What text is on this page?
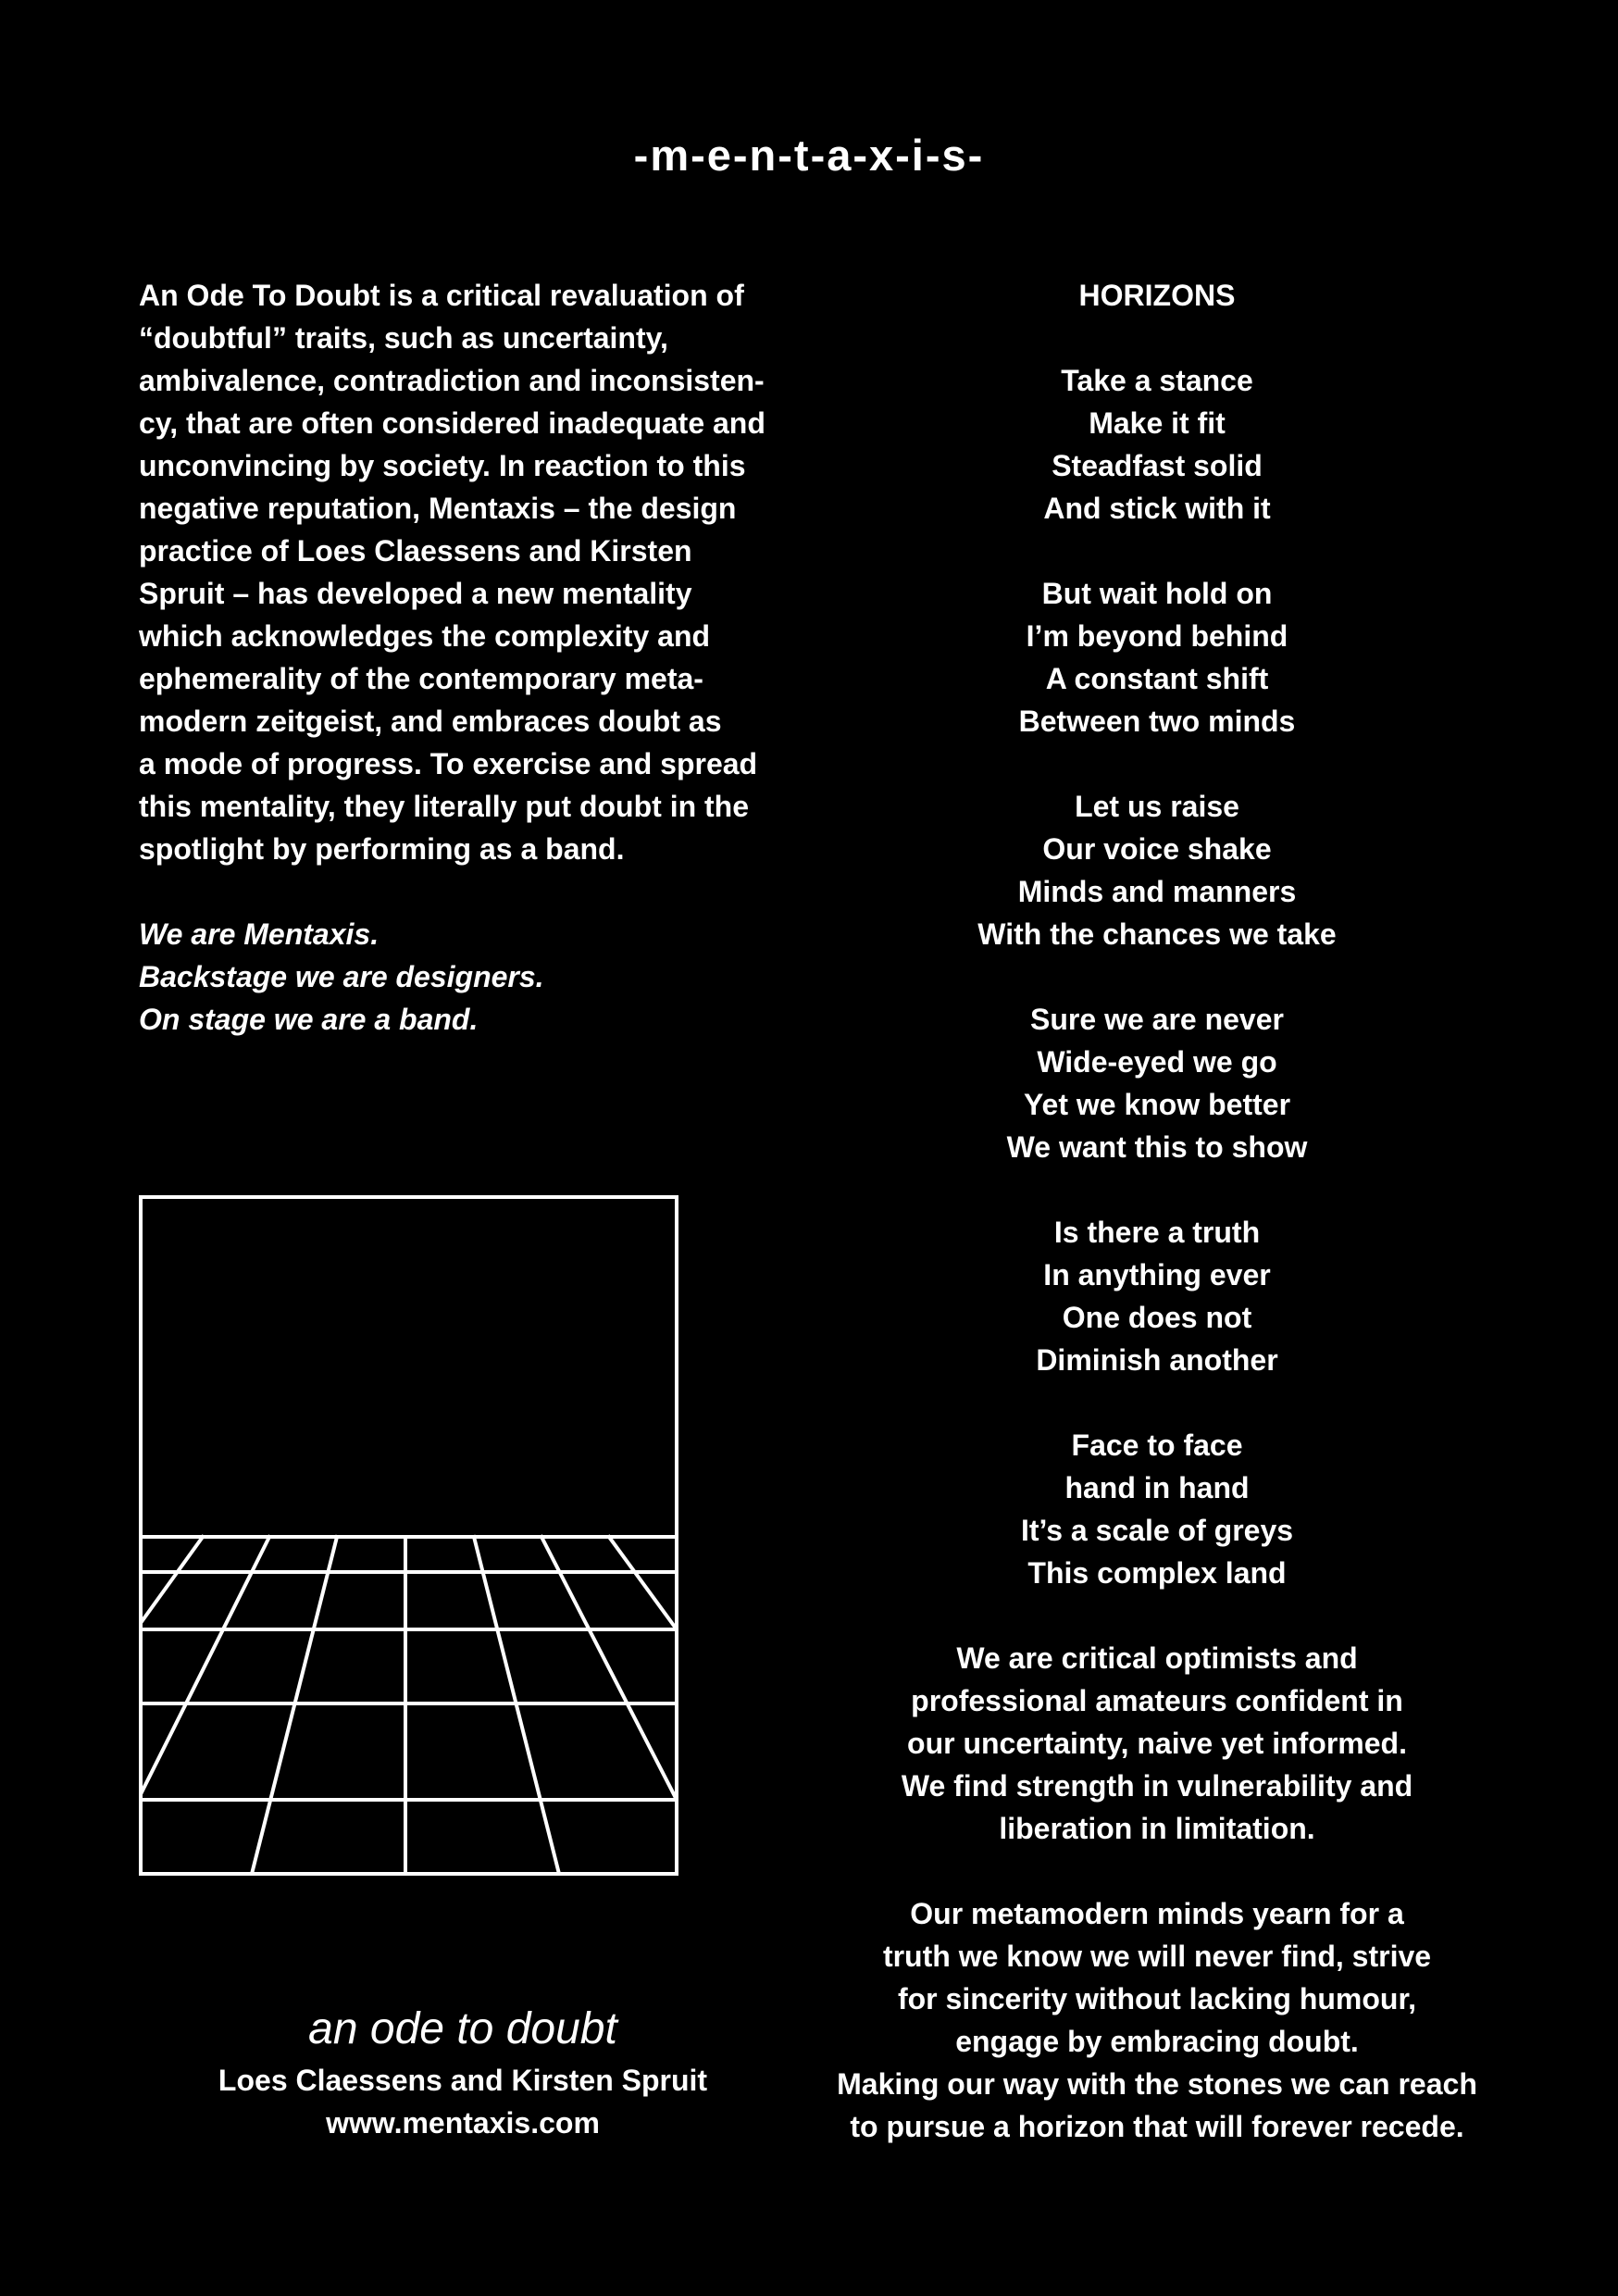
-m-e-n-t-a-x-i-s-

An Ode To Doubt is a critical revaluation of
“doubtful” traits, such as uncertainty,
ambivalence, contradiction and inconsisten-
cy, that are often considered inadequate and
unconvincing by society. In reaction to this
negative reputation, Mentaxis – the design
practice of Loes Claessens and Kirsten
Spruit – has developed a new mentality
which acknowledges the complexity and
ephemerality of the contemporary meta-
modern zeitgeist, and embraces doubt as
a mode of progress. To exercise and spread
this mentality, they literally put doubt in the
spotlight by performing as a band.

We are Mentaxis.
Backstage we are designers.
On stage we are a band.

an ode to doubt
Loes Claessens and Kirsten Spruit
www.mentaxis.com
HORIZONS
Take a stance
Make it fit
Steadfast solid
And stick with it
But wait hold on
I’m beyond behind
A constant shift
Between two minds
Let us raise
Our voice shake
Minds and manners
With the chances we take
Sure we are never
Wide-eyed we go
Yet we know better
We want this to show
Is there a truth
In anything ever
One does not
Diminish another
Face to face
hand in hand
It’s a scale of greys
This complex land
We are critical optimists and
professional amateurs confident in
our uncertainty, naive yet informed.
We find strength in vulnerability and
liberation in limitation.
Our metamodern minds yearn for a
truth we know we will never find, strive
for sincerity without lacking humour,
engage by embracing doubt.
Making our way with the stones we can reach
to pursue a horizon that will forever recede.
